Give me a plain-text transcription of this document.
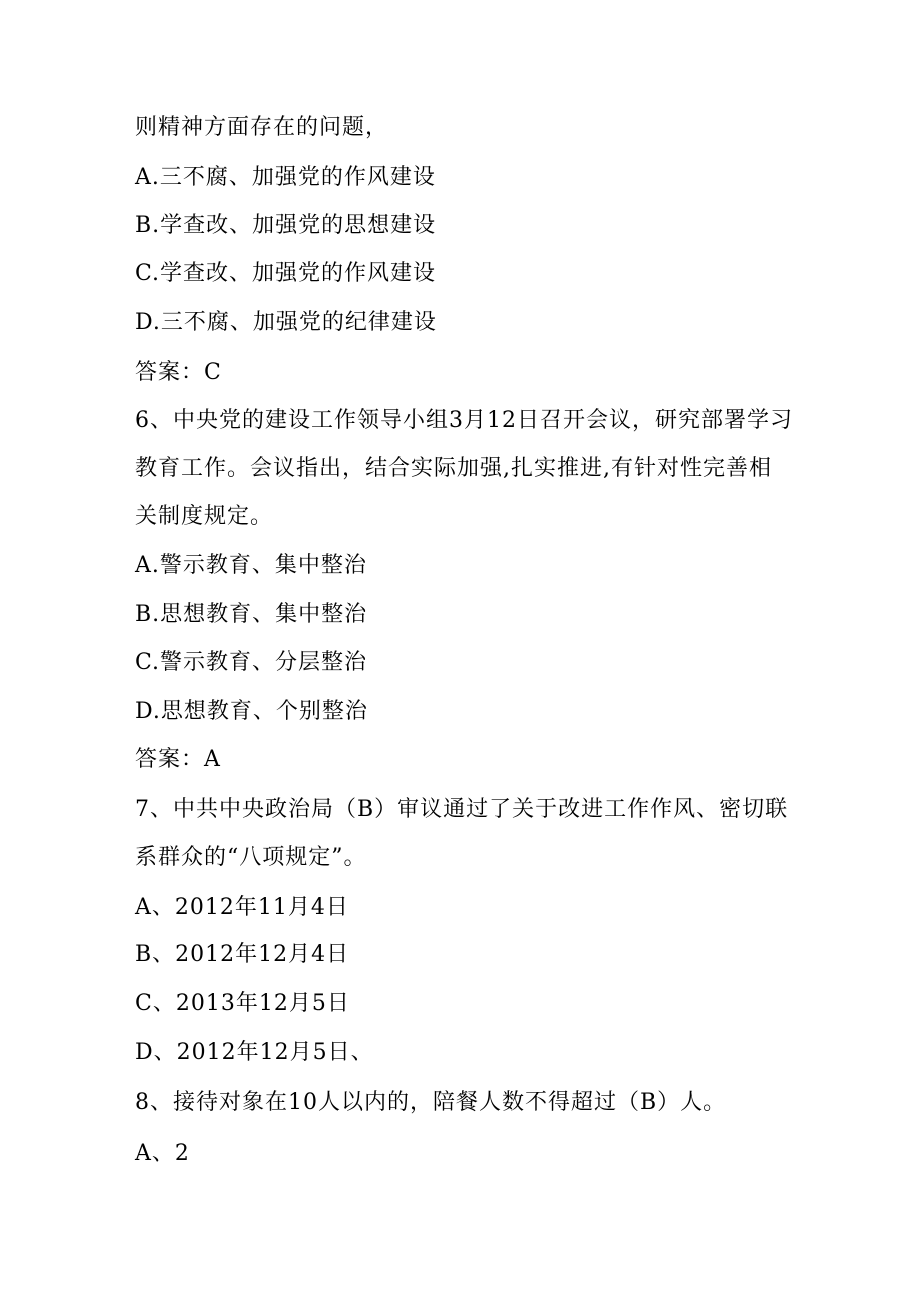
则精神方面存在的问题，
A.三不腐、加强党的作风建设
B.学查改、加强党的思想建设
C.学查改、加强党的作风建设
D.三不腐、加强党的纪律建设
答案：C
6、中央党的建设工作领导小组3月12日召开会议，研究部署学习
教育工作。会议指出，结合实际加强,扎实推进,有针对性完善相
关制度规定。
A.警示教育、集中整治
B.思想教育、集中整治
C.警示教育、分层整治
D.思想教育、个别整治
答案：A
7、中共中央政治局（B）审议通过了关于改进工作作风、密切联
系群众的“八项规定”。
A、2012年11月4日
B、2012年12月4日
C、2013年12月5日
D、2012年12月5日、
8、接待对象在10人以内的，陪餐人数不得超过（B）人。
A、2
